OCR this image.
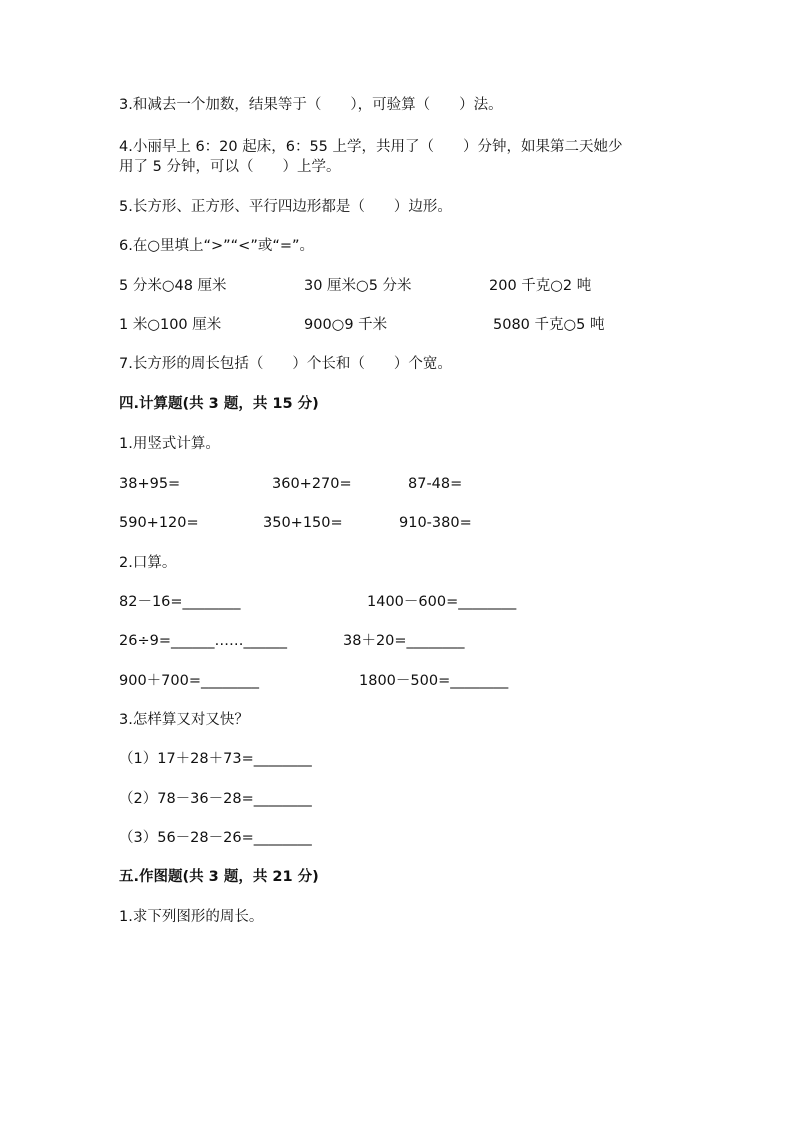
3.和减去一个加数，结果等于（　　），可验算（　　）法。
4.小丽早上 6：20 起床，6：55 上学，共用了（　　）分钟，如果第二天她少
用了 5 分钟，可以（　　）上学。
5.长方形、正方形、平行四边形都是（　　）边形。
6.在○里填上“>”“<”或“=”。
5 分米○48 厘米	30 厘米○5 分米	200 千克○2 吨
1 米○100 厘米	900○9 千米	5080 千克○5 吨
7.长方形的周长包括（　　）个长和（　　）个宽。
四.计算题(共 3 题，共 15 分)
1.用竖式计算。
38+95=	360+270=	87-48=
590+120=	350+150=	910-380=
2.口算。
82－16=________	1400－600=________
26÷9=______……______	38＋20=________
900＋700=________	1800－500=________
3.怎样算又对又快？
（1）17＋28＋73=________
（2）78－36－28=________
（3）56－28－26=________
五.作图题(共 3 题，共 21 分)
1.求下列图形的周长。
